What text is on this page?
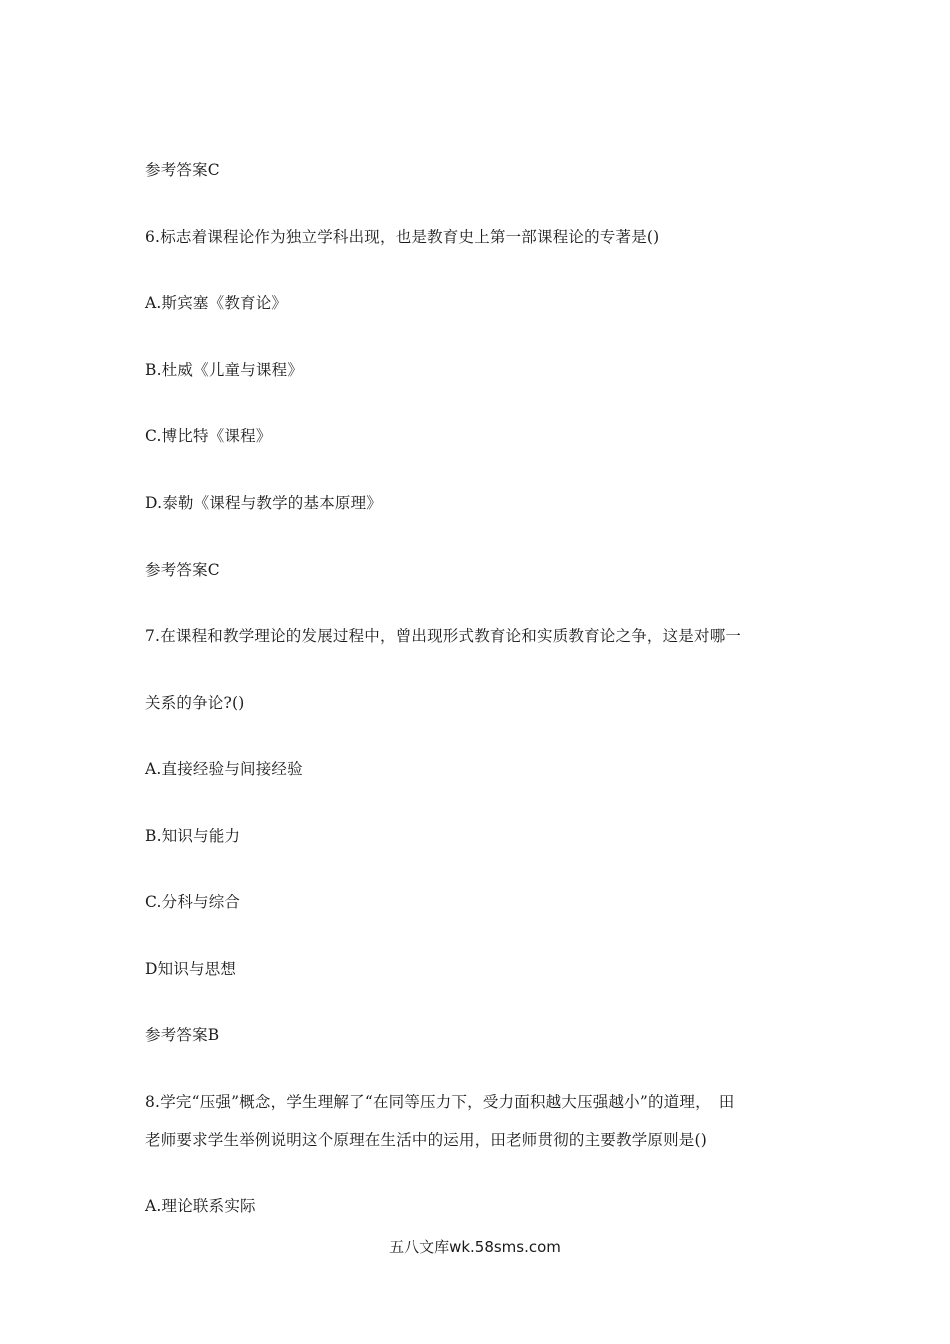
参考答案C
6.标志着课程论作为独立学科出现，也是教育史上第一部课程论的专著是()
A.斯宾塞《教育论》
B.杜威《儿童与课程》
C.博比特《课程》
D.泰勒《课程与教学的基本原理》
参考答案C
7.在课程和教学理论的发展过程中，曾出现形式教育论和实质教育论之争，这是对哪一
关系的争论?()
A.直接经验与间接经验
B.知识与能力
C.分科与综合
D知识与思想
参考答案B
8.学完“压强”概念，学生理解了“在同等压力下，受力面积越大压强越小”的道理，　田
老师要求学生举例说明这个原理在生活中的运用，田老师贯彻的主要教学原则是()
A.理论联系实际
五八文库wk.58sms.com
